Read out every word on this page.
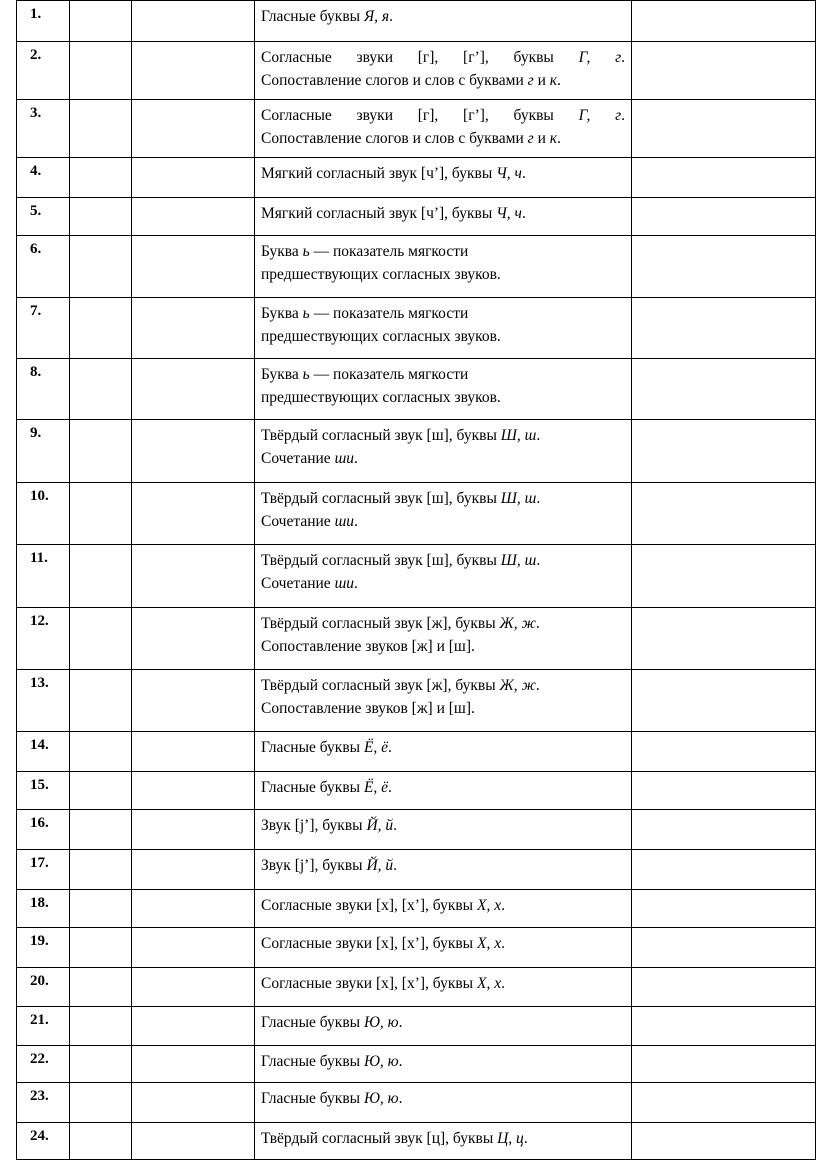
1.			Гласные буквы Я, я.	

2.			Согласные звуки [г], [г’], буквы Г, г.
Сопоставление слогов и слов с буквами г и к.	

3.			Согласные звуки [г], [г’], буквы Г, г.
Сопоставление слогов и слов с буквами г и к.	

4.			Мягкий согласный звук [ч’], буквы Ч, ч.	

5.			Мягкий согласный звук [ч’], буквы Ч, ч.	

6.			Буква ь — показатель мягкости
предшествующих согласных звуков.	

7.			Буква ь — показатель мягкости
предшествующих согласных звуков.	

8.			Буква ь — показатель мягкости
предшествующих согласных звуков.	

9.			Твёрдый согласный звук [ш], буквы Ш, ш.
Сочетание ши.	

10.			Твёрдый согласный звук [ш], буквы Ш, ш.
Сочетание ши.	

11.			Твёрдый согласный звук [ш], буквы Ш, ш.
Сочетание ши.	

12.			Твёрдый согласный звук [ж], буквы Ж, ж.
Сопоставление звуков [ж] и [ш].	

13.			Твёрдый согласный звук [ж], буквы Ж, ж.
Сопоставление звуков [ж] и [ш].	

14.			Гласные буквы Ё, ё.	

15.			Гласные буквы Ё, ё.	

16.			Звук [j’], буквы Й, й.	

17.			Звук [j’], буквы Й, й.	

18.			Согласные звуки [х], [х’], буквы Х, х.	

19.			Согласные звуки [х], [х’], буквы Х, х.	

20.			Согласные звуки [х], [х’], буквы Х, х.	

21.			Гласные буквы Ю, ю.	

22.			Гласные буквы Ю, ю.	

23.			Гласные буквы Ю, ю.	

24.			Твёрдый согласный звук [ц], буквы Ц, ц.	
